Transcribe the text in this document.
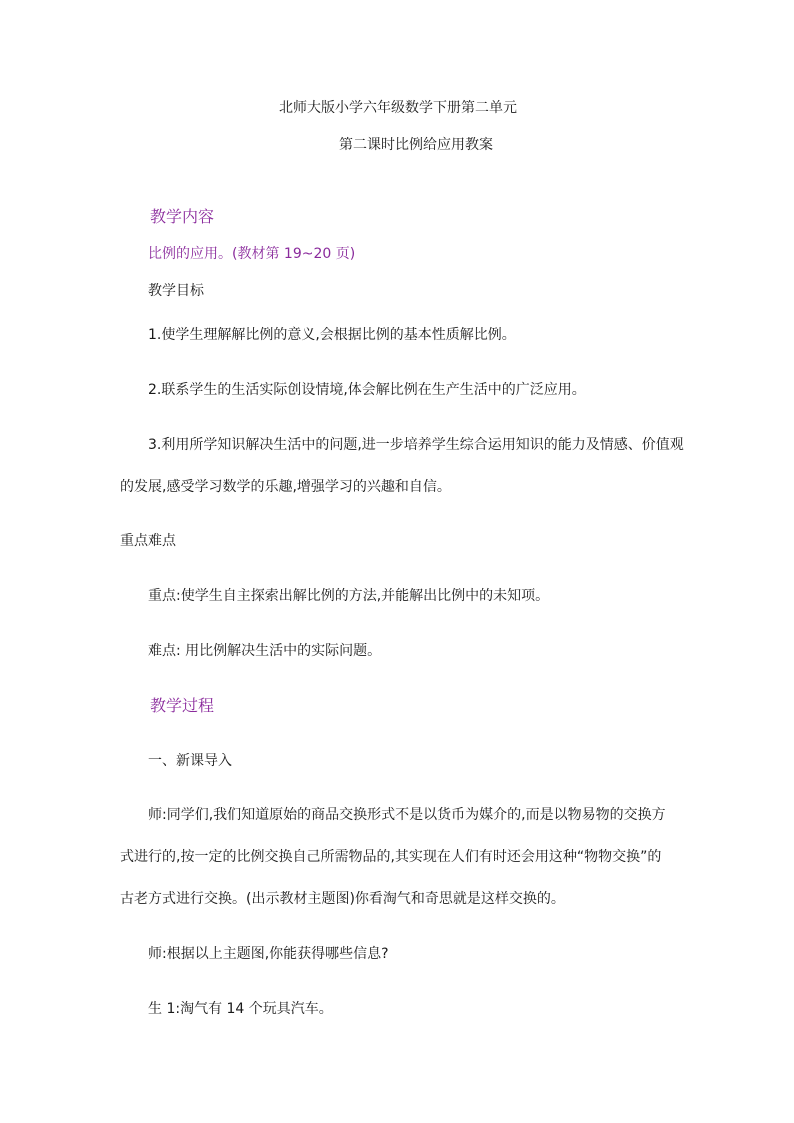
北师大版小学六年级数学下册第二单元
第二课时比例给应用教案
教学内容
比例的应用。(教材第 19~20 页)
教学目标
1.使学生理解解比例的意义,会根据比例的基本性质解比例。
2.联系学生的生活实际创设情境,体会解比例在生产生活中的广泛应用。
3.利用所学知识解决生活中的问题,进一步培养学生综合运用知识的能力及情感、价值观
的发展,感受学习数学的乐趣,增强学习的兴趣和自信。
重点难点
重点:使学生自主探索出解比例的方法,并能解出比例中的未知项。
难点: 用比例解决生活中的实际问题。
教学过程
一、新课导入
师:同学们,我们知道原始的商品交换形式不是以货币为媒介的,而是以物易物的交换方
式进行的,按一定的比例交换自己所需物品的,其实现在人们有时还会用这种“物物交换”的
古老方式进行交换。(出示教材主题图)你看淘气和奇思就是这样交换的。
师:根据以上主题图,你能获得哪些信息?
生 1:淘气有 14 个玩具汽车。
